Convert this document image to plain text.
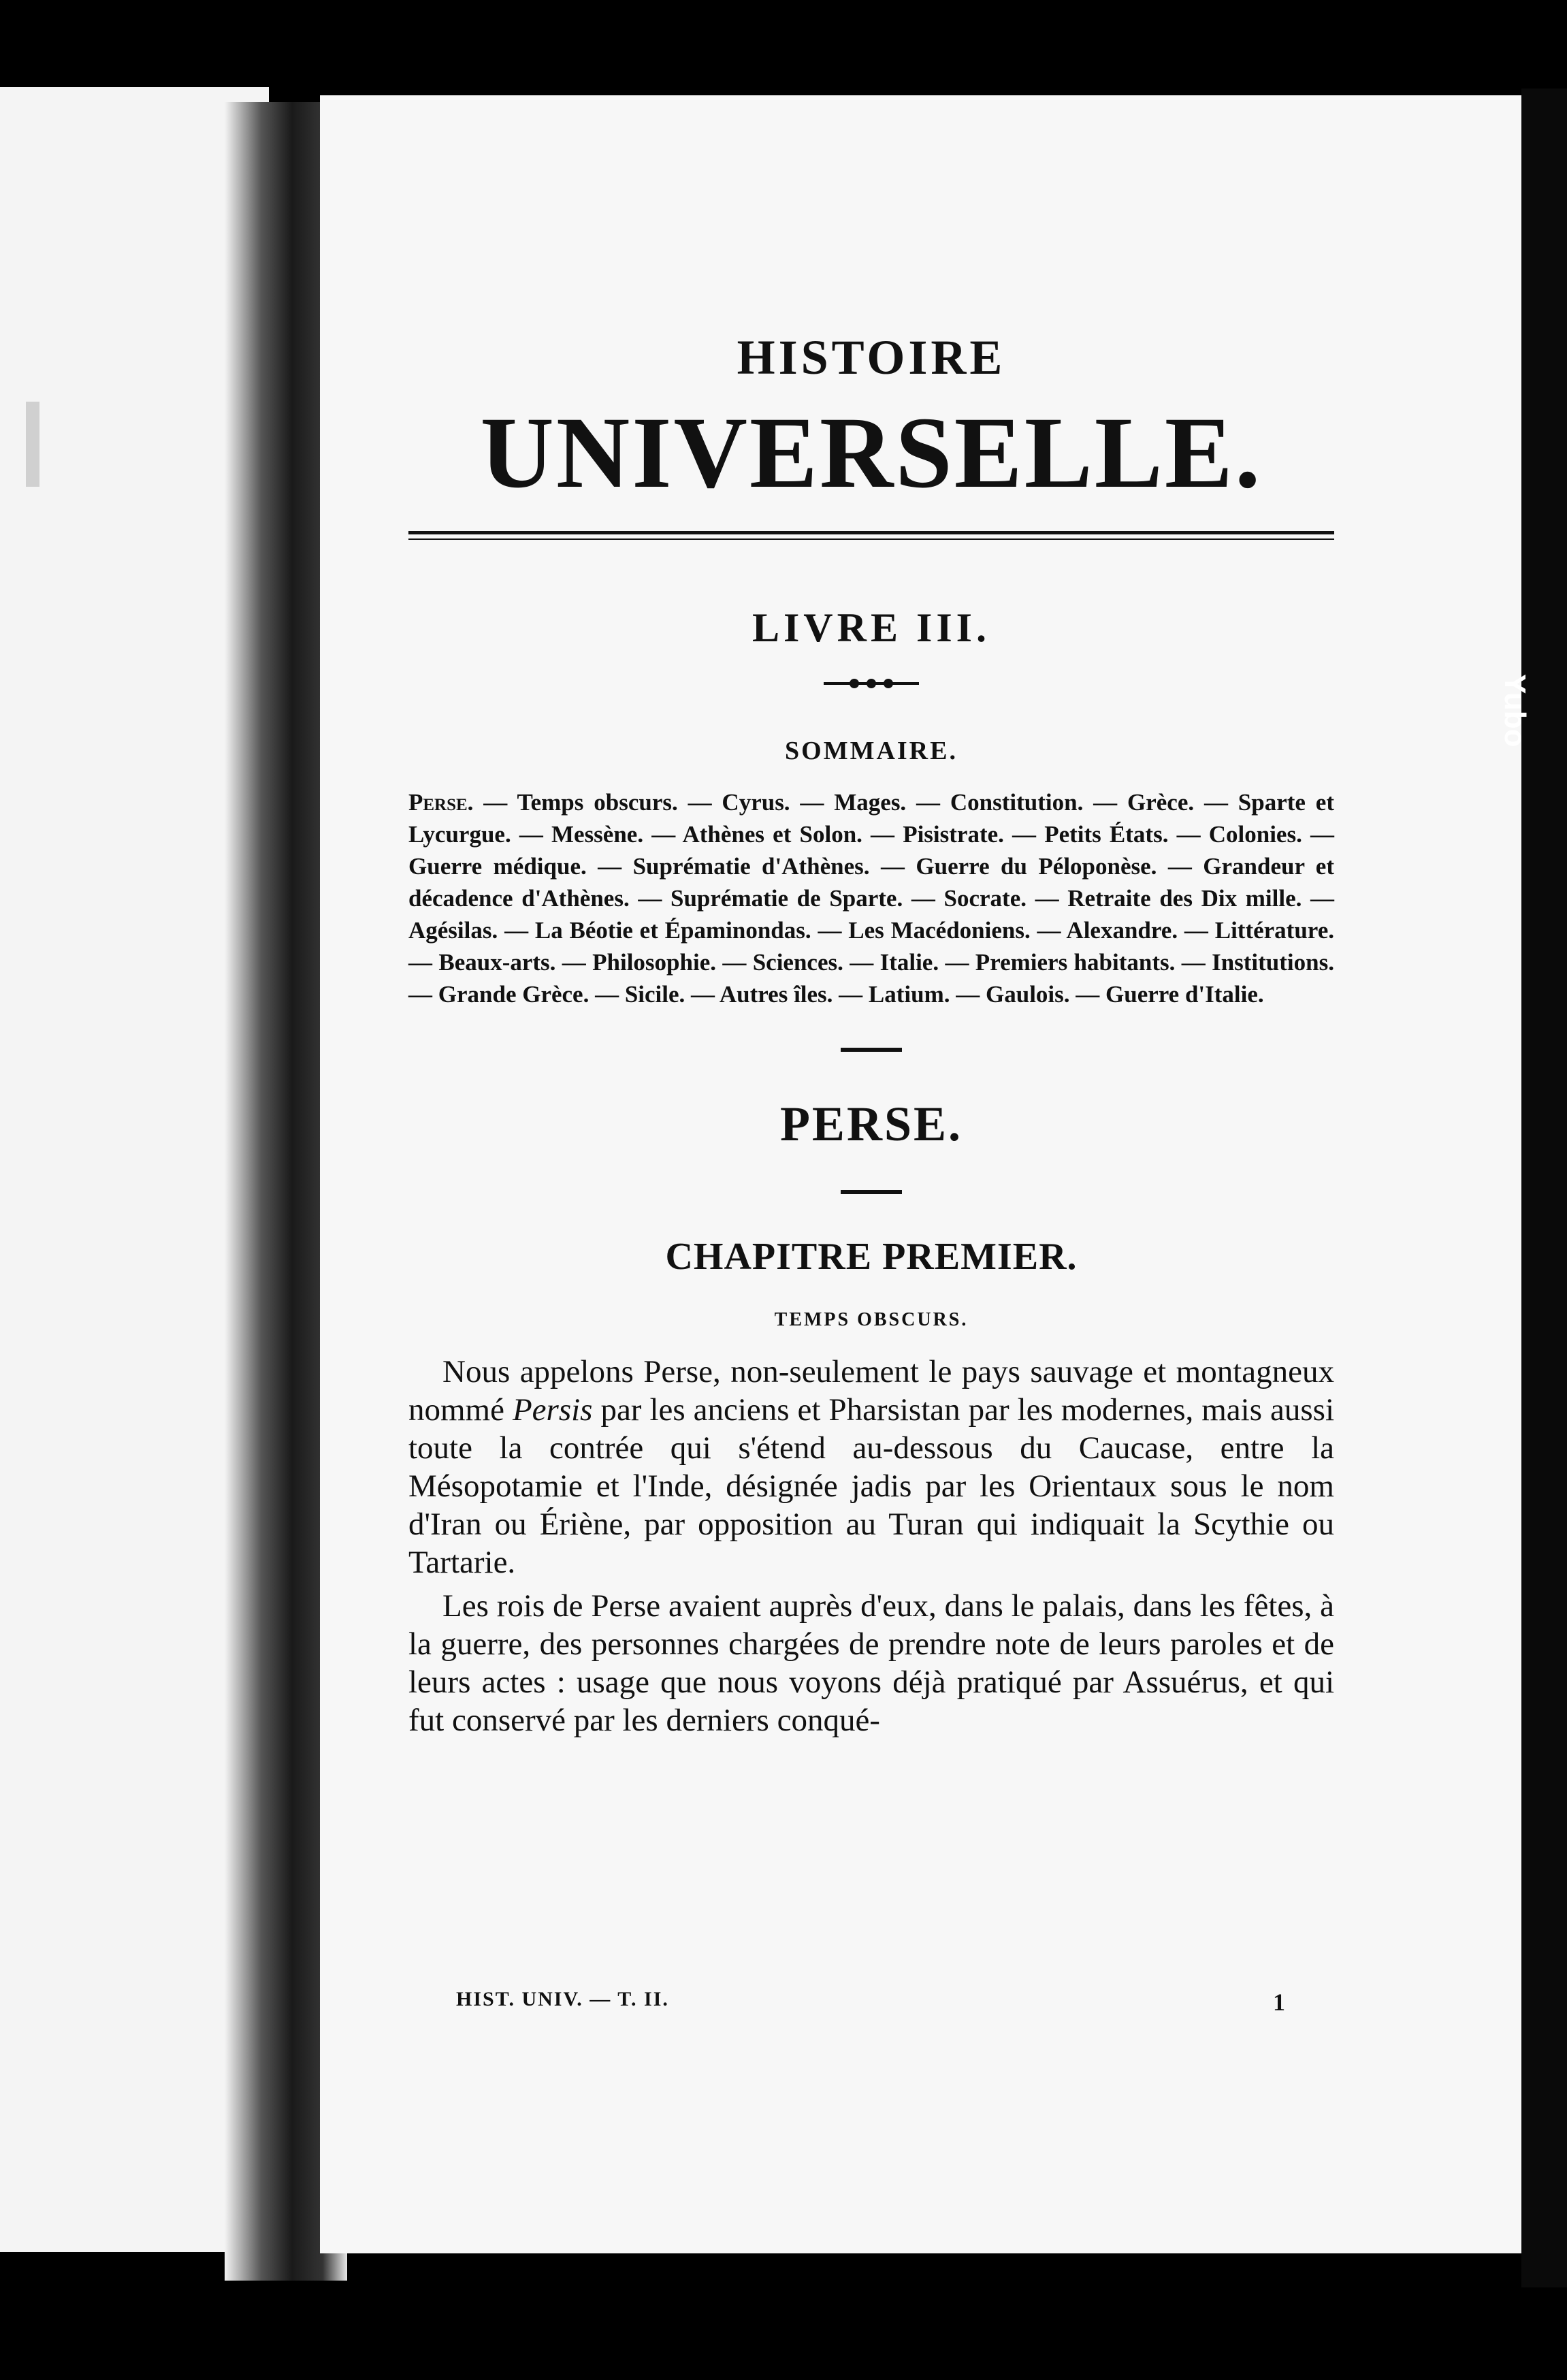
Yubo
HISTOIRE
UNIVERSELLE.
LIVRE III.
SOMMAIRE.
Perse. — Temps obscurs. — Cyrus. — Mages. — Constitution. — Grèce. — Sparte et Lycurgue. — Messène. — Athènes et Solon. — Pisistrate. — Petits États. — Colonies. — Guerre médique. — Suprématie d'Athènes. — Guerre du Péloponèse. — Grandeur et décadence d'Athènes. — Suprématie de Sparte. — Socrate. — Retraite des Dix mille. — Agésilas. — La Béotie et Épaminondas. — Les Macédoniens. — Alexandre. — Littérature. — Beaux-arts. — Philosophie. — Sciences. — Italie. — Premiers habitants. — Institutions. — Grande Grèce. — Sicile. — Autres îles. — Latium. — Gaulois. — Guerre d'Italie.
PERSE.
CHAPITRE PREMIER.
TEMPS OBSCURS.

Nous appelons Perse, non-seulement le pays sauvage et montagneux nommé Persis par les anciens et Pharsistan par les modernes, mais aussi toute la contrée qui s'étend au-dessous du Caucase, entre la Mésopotamie et l'Inde, désignée jadis par les Orientaux sous le nom d'Iran ou Ériène, par opposition au Turan qui indiquait la Scythie ou Tartarie.

Les rois de Perse avaient auprès d'eux, dans le palais, dans les fêtes, à la guerre, des personnes chargées de prendre note de leurs paroles et de leurs actes : usage que nous voyons déjà pratiqué par Assuérus, et qui fut conservé par les derniers conqué-

HIST. UNIV. — T. II.	1
